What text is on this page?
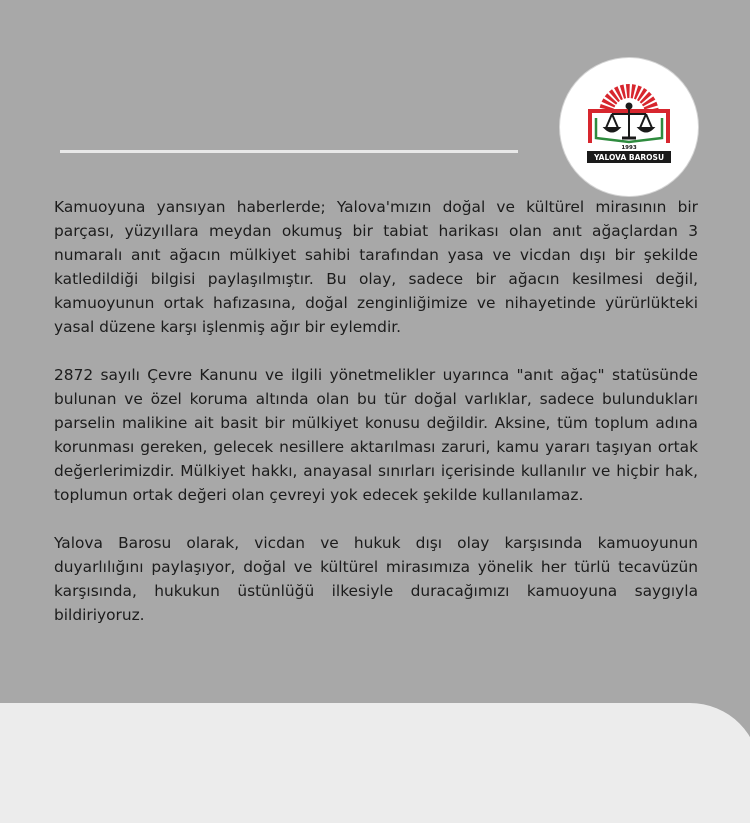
1993
YALOVA BAROSU

Kamuoyuna yansıyan haberlerde; Yalova'mızın doğal ve kültürel mirasının bir parçası, yüzyıllara meydan okumuş bir tabiat harikası olan anıt ağaçlardan 3 numaralı anıt ağacın mülkiyet sahibi tarafından yasa ve vicdan dışı bir şekilde katledildiği bilgisi paylaşılmıştır. Bu olay, sadece bir ağacın kesilmesi değil, kamuoyunun ortak hafızasına, doğal zenginliğimize ve nihayetinde yürürlükteki yasal düzene karşı işlenmiş ağır bir eylemdir.

2872 sayılı Çevre Kanunu ve ilgili yönetmelikler uyarınca "anıt ağaç" statüsünde bulunan ve özel koruma altında olan bu tür doğal varlıklar, sadece bulundukları parselin malikine ait basit bir mülkiyet konusu değildir. Aksine, tüm toplum adına korunması gereken, gelecek nesillere aktarılması zaruri, kamu yararı taşıyan ortak değerlerimizdir. Mülkiyet hakkı, anayasal sınırları içerisinde kullanılır ve hiçbir hak, toplumun ortak değeri olan çevreyi yok edecek şekilde kullanılamaz.

Yalova Barosu olarak, vicdan ve hukuk dışı olay karşısında kamuoyunun duyarlılığını paylaşıyor, doğal ve kültürel mirasımıza yönelik her türlü tecavüzün karşısında, hukukun üstünlüğü ilkesiyle duracağımızı kamuoyuna saygıyla bildiriyoruz.
